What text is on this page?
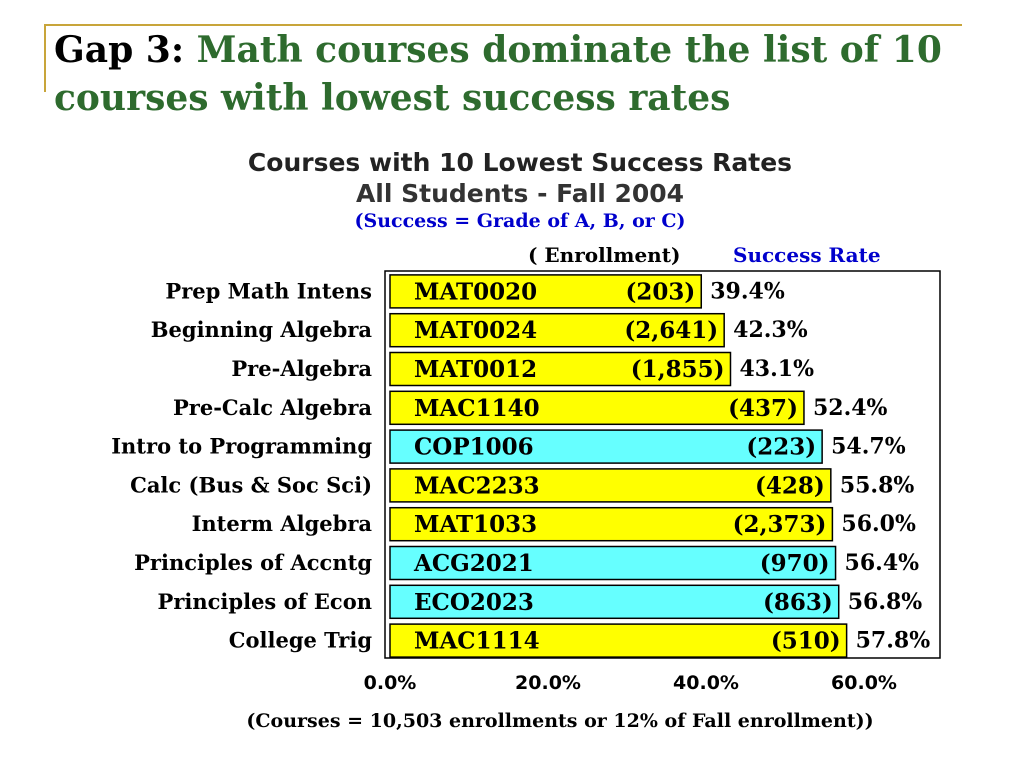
Gap 3: Math courses dominate the list of 10 courses with lowest success rates
Courses with 10 Lowest Success Rates
All Students - Fall 2004
(Success = Grade of A, B, or C)
( Enrollment)	Success Rate
Prep Math Intens MAT0020	(203) 39.4%
Beginning Algebra MAT0024	(2,641) 42.3%
Pre-Algebra MAT0012	(1,855) 43.1%
Pre-Calc Algebra MAC1140	(437) 52.4%
Intro to Programming COP1006	(223) 54.7%
Calc (Bus & Soc Sci) MAC2233	(428) 55.8%
Interm Algebra MAT1033	(2,373) 56.0%
Principles of Accntg ACG2021	(970) 56.4%
Principles of Econ ECO2023	(863) 56.8%
College Trig MAC1114	(510) 57.8%
0.0%	20.0%	40.0%	60.0%
(Courses = 10,503 enrollments or 12% of Fall enrollment))
